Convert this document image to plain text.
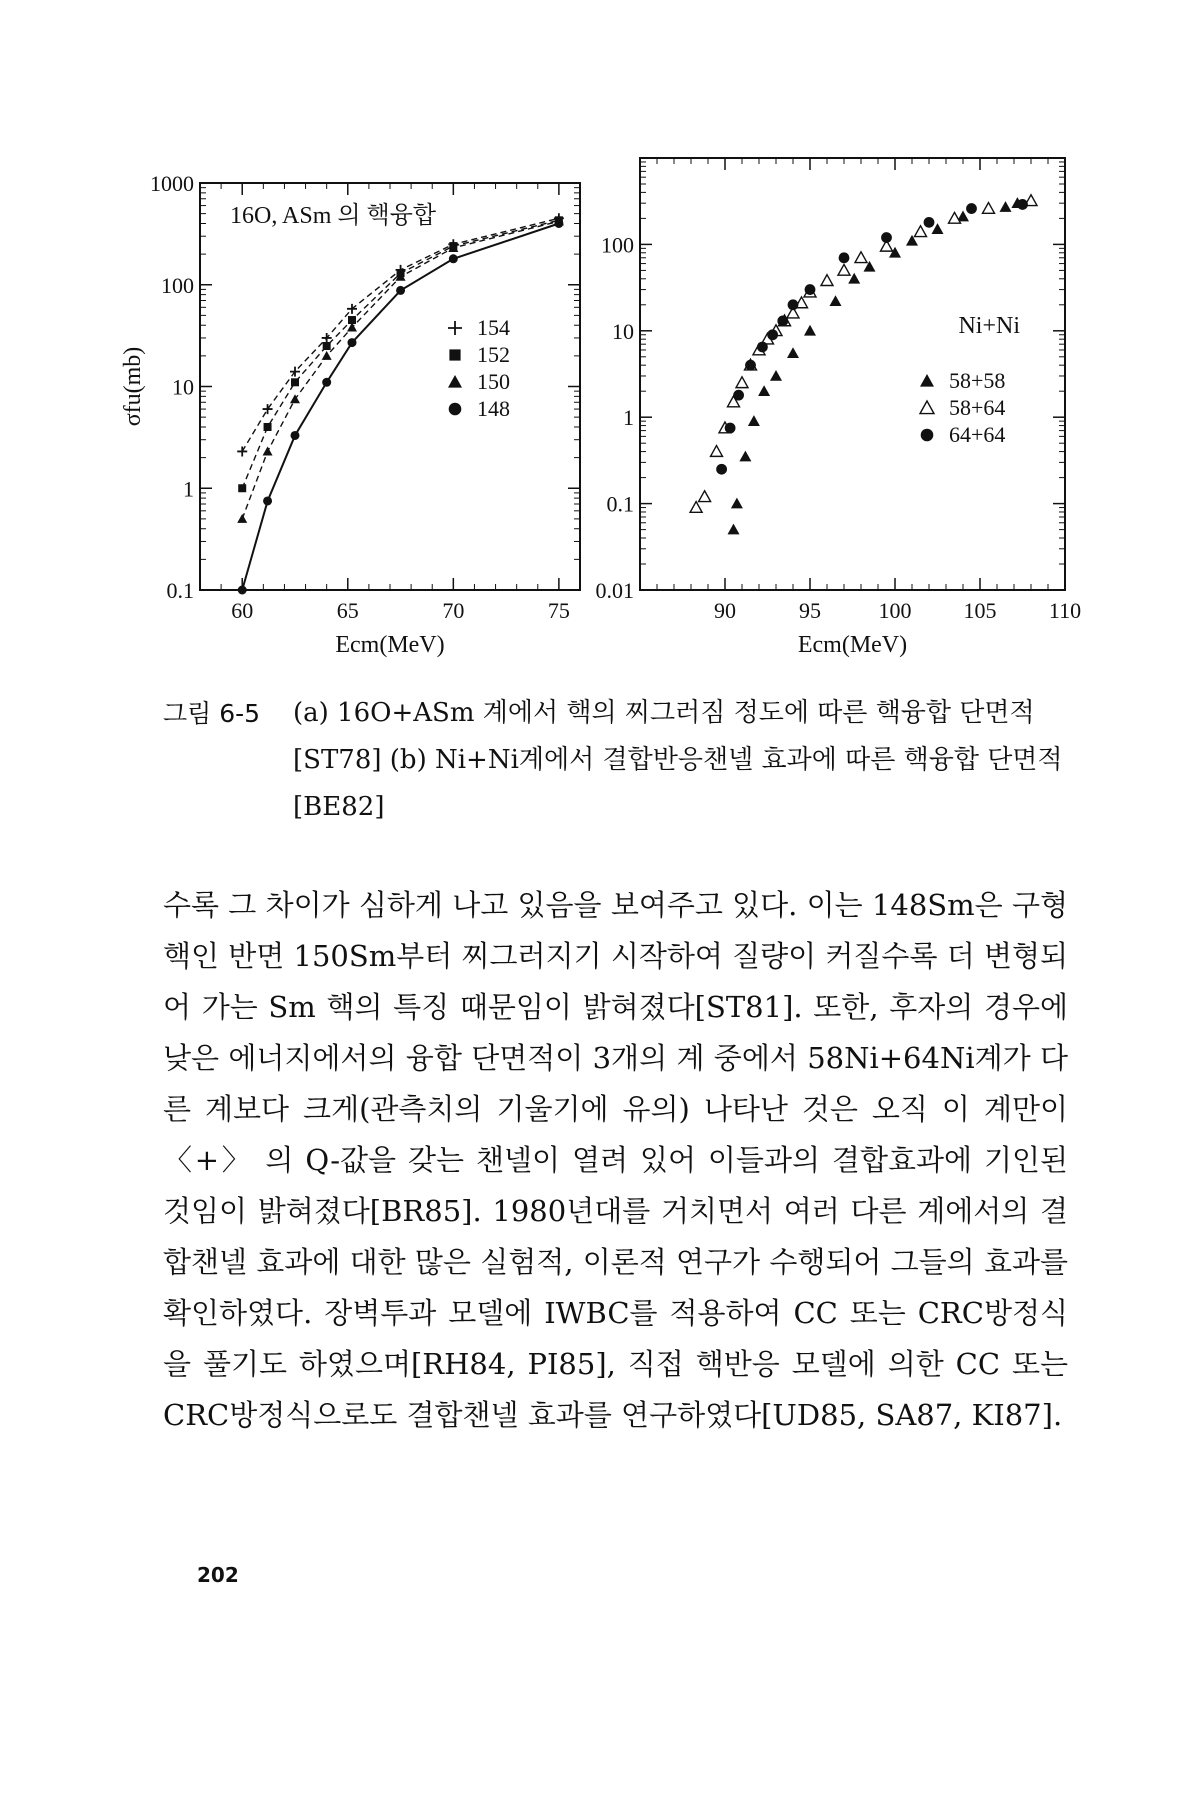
0.1
1
10
100
1000
60	65	70	75
Ecm(MeV)
σfu(mb)
16O, ASm 의 핵융합
154
152
150
148
0.01
0.1
1
10
100
90	95	100 105 110
Ecm(MeV)
Ni+Ni
58+58
58+64
64+64
그림 6-5 (a) 16O+ASm 계에서 핵의 찌그러짐 정도에 따른 핵융합 단면적 [ST78] (b) Ni+Ni계에서 결합반응챈넬 효과에 따른 핵융합 단면적 [BE82]

수록 그 차이가 심하게 나고 있음을 보여주고 있다. 이는 148Sm은 구형핵인 반면 150Sm부터 찌그러지기 시작하여 질량이 커질수록 더 변형되어 가는 Sm 핵의 특징 때문임이 밝혀졌다[ST81]. 또한, 후자의 경우에 낮은 에너지에서의 융합 단면적이 3개의 계 중에서 58Ni+64Ni계가 다른 계보다 크게(관측치의 기울기에 유의) 나타난 것은 오직 이 계만이 〈+〉 의 Q-값을 갖는 챈넬이 열려 있어 이들과의 결합효과에 기인된 것임이 밝혀졌다[BR85]. 1980년대를 거치면서 여러 다른 계에서의 결합챈넬 효과에 대한 많은 실험적, 이론적 연구가 수행되어 그들의 효과를 확인하였다. 장벽투과 모델에 IWBC를 적용하여 CC 또는 CRC방정식을 풀기도 하였으며[RH84, PI85], 직접 핵반응 모델에 의한 CC 또는 CRC방정식으로도 결합챈넬 효과를 연구하였다[UD85, SA87, KI87].

202
